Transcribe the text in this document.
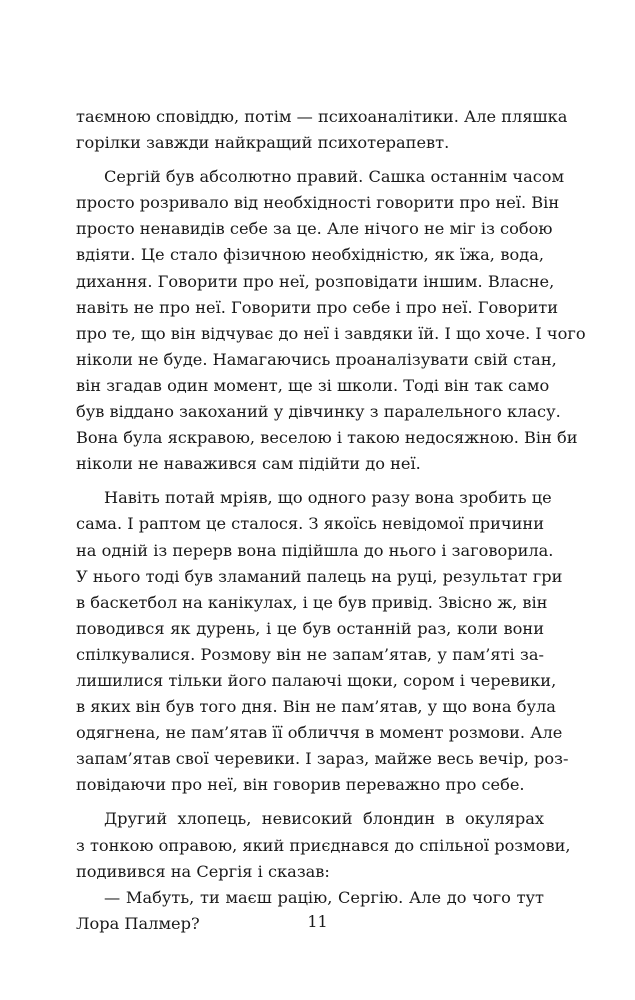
таємною сповіддю, потім — психоаналітики. Але пляшка
горілки завжди найкращий психотерапевт.
Сергій був абсолютно правий. Сашка останнім часом
просто розривало від необхідності говорити про неї. Він
просто ненавидів себе за це. Але нічого не міг із собою
вдіяти. Це стало фізичною необхідністю, як їжа, вода,
дихання. Говорити про неї, розповідати іншим. Власне,
навіть не про неї. Говорити про себе і про неї. Говорити
про те, що він відчуває до неї і завдяки їй. І що хоче. І чого
ніколи не буде. Намагаючись проаналізувати свій стан,
він згадав один момент, ще зі школи. Тоді він так само
був віддано закоханий у дівчинку з паралельного класу.
Вона була яскравою, веселою і такою недосяжною. Він би
ніколи не наважився сам підійти до неї.
Навіть потай мріяв, що одного разу вона зробить це
сама. І раптом це сталося. З якоїсь невідомої причини
на одній із перерв вона підійшла до нього і заговорила.
У нього тоді був зламаний палець на руці, результат гри
в баскетбол на канікулах, і це був привід. Звісно ж, він
поводився як дурень, і це був останній раз, коли вони
спілкувалися. Розмову він не запам’ятав, у пам’яті за-
лишилися тільки його палаючі щоки, сором і черевики,
в яких він був того дня. Він не пам’ятав, у що вона була
одягнена, не пам’ятав її обличчя в момент розмови. Але
запам’ятав свої черевики. І зараз, майже весь вечір, роз-
повідаючи про неї, він говорив переважно про себе.
Другий хлопець, невисокий блондин в окулярах
з тонкою оправою, який приєднався до спільної розмови,
подивився на Сергія і сказав:
— Мабуть, ти маєш рацію, Сергію. Але до чого тут
Лора Палмер?	11
